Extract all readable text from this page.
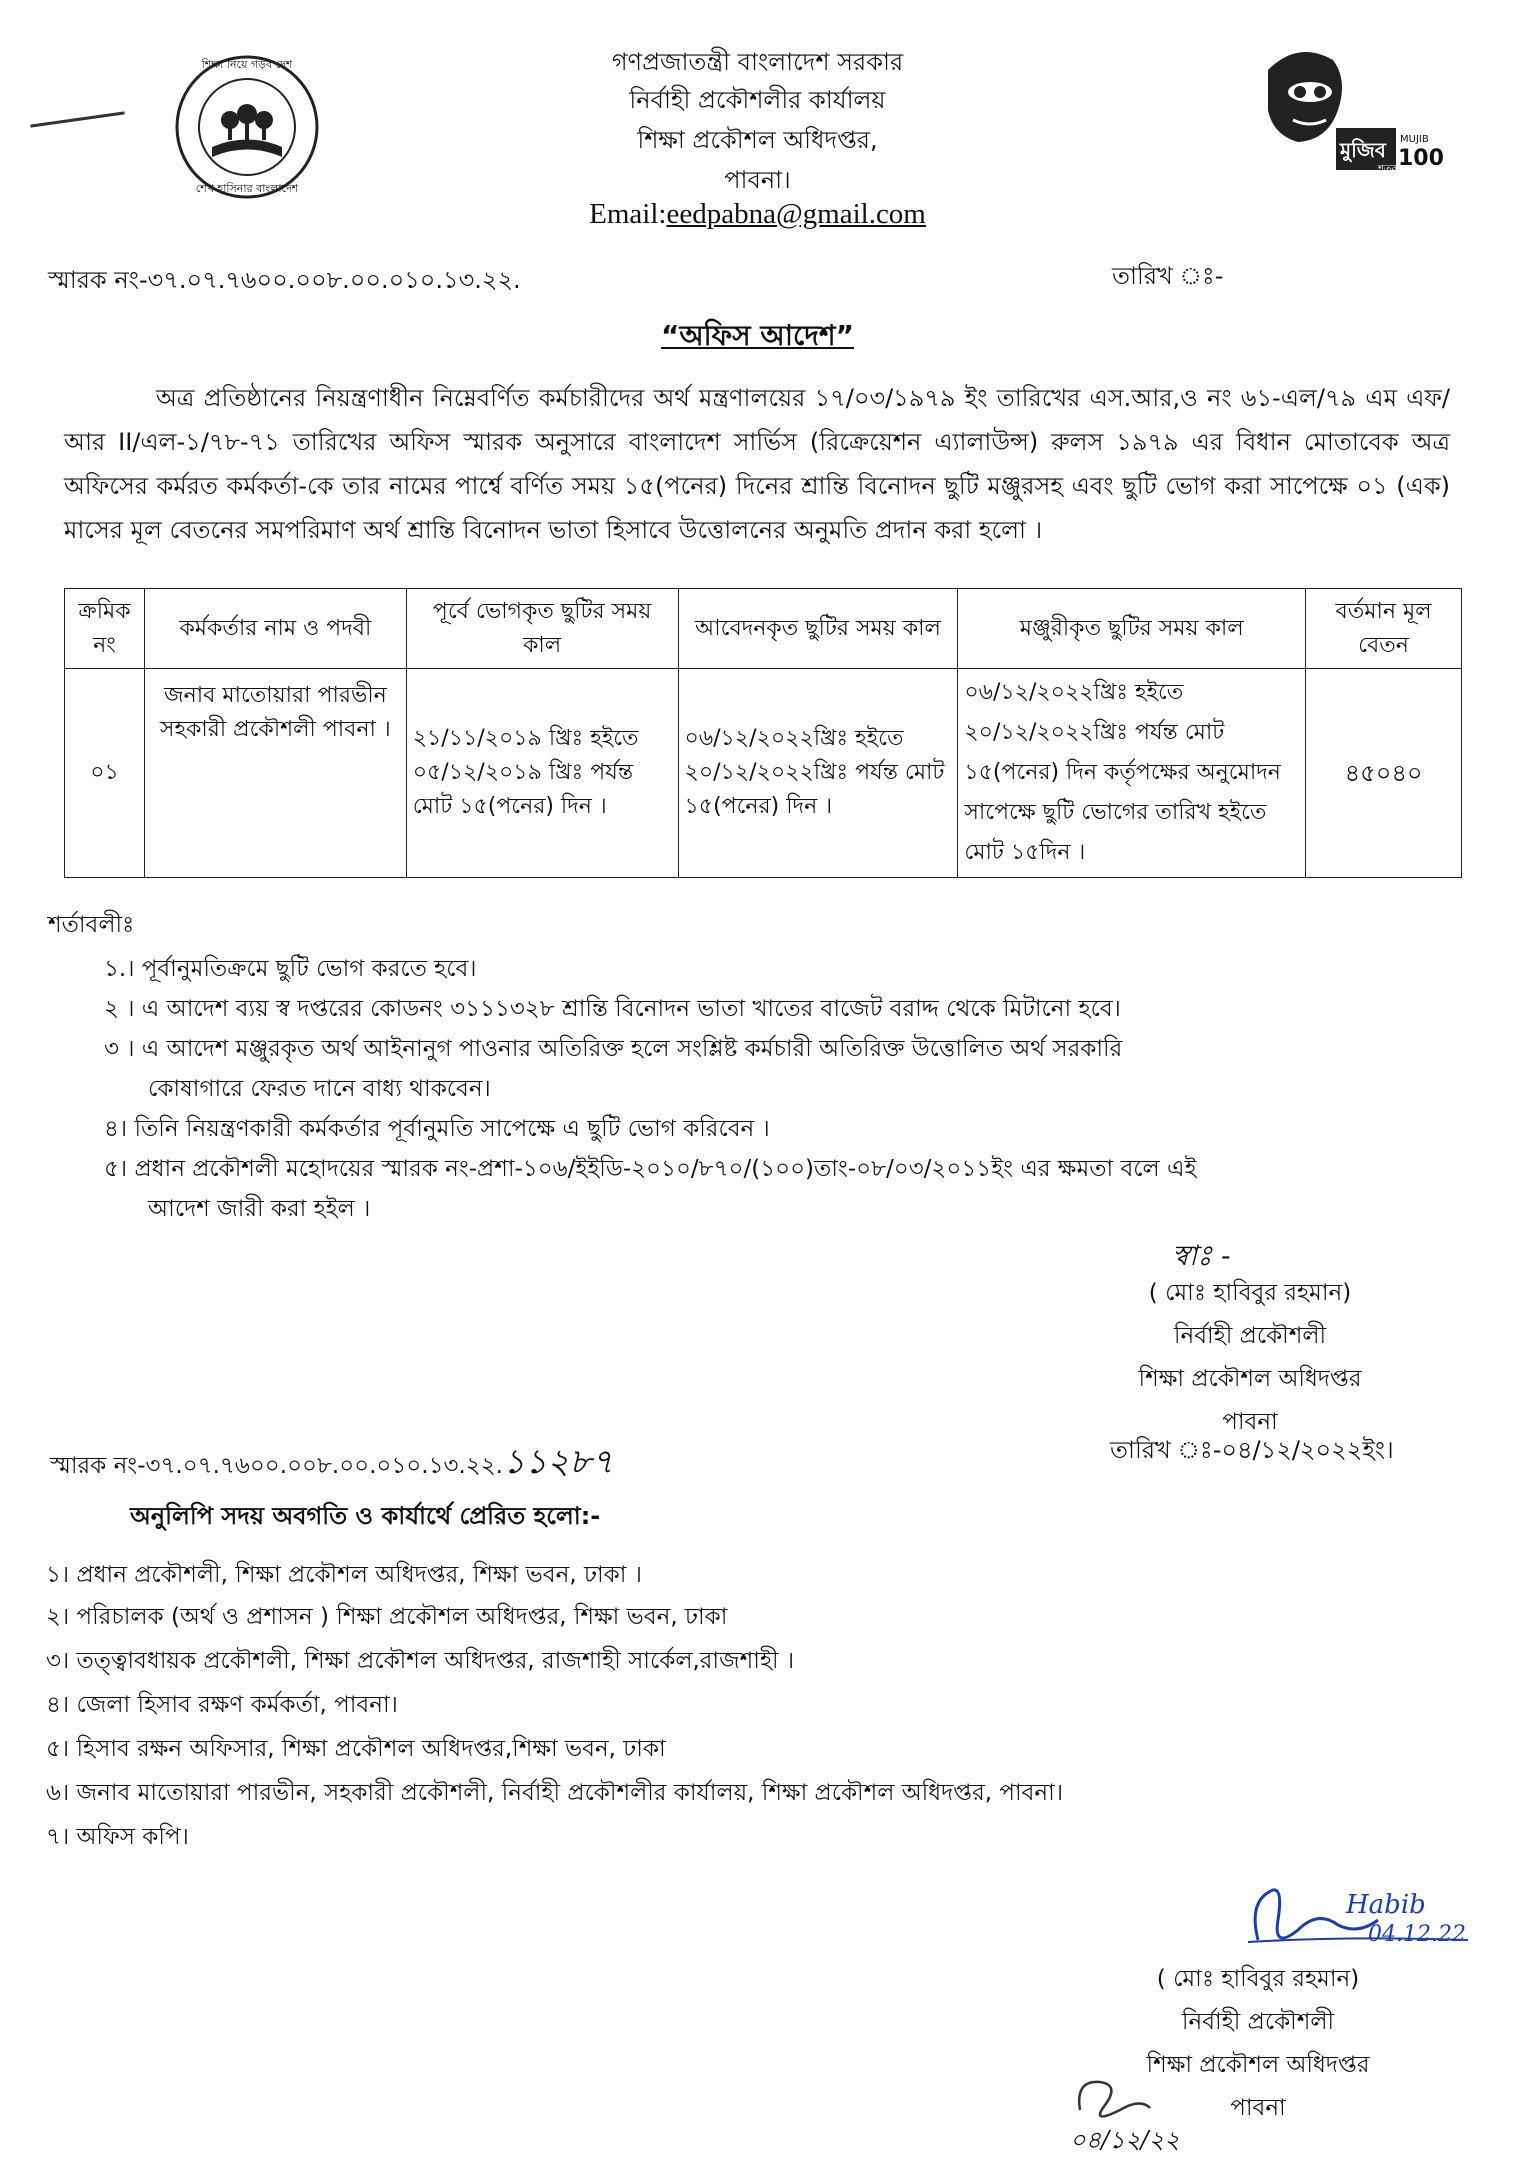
শিক্ষা নিয়ে গড়ব দেশ
শেখ হাসিনার বাংলাদেশ
মুজিব MUJIB
শতবর্ষ
100
গণপ্রজাতন্ত্রী বাংলাদেশ সরকার
নির্বাহী প্রকৌশলীর কার্যালয়
শিক্ষা প্রকৌশল অধিদপ্তর,
পাবনা।
Email:eedpabna@gmail.com
স্মারক নং-৩৭.০৭.৭৬০০.০০৮.০০.০১০.১৩.২২.	তারিখ ঃ-
“অফিস আদেশ”
অত্র প্রতিষ্ঠানের নিয়ন্ত্রণাধীন নিম্নেবর্ণিত কর্মচারীদের অর্থ মন্ত্রণালয়ের ১৭/০৩/১৯৭৯ ইং তারিখের এস.আর,ও নং ৬১-এল/৭৯ এম এফ/আর II/এল-১/৭৮-৭১ তারিখের অফিস স্মারক অনুসারে বাংলাদেশ সার্ভিস (রিক্রেয়েশন এ্যালাউন্স) রুলস ১৯৭৯ এর বিধান মোতাবেক অত্র অফিসের কর্মরত কর্মকর্তা-কে তার নামের পার্শ্বে বর্ণিত সময় ১৫(পনের) দিনের শ্রান্তি বিনোদন ছুটি মঞ্জুরসহ এবং ছুটি ভোগ করা সাপেক্ষে ০১ (এক) মাসের মূল বেতনের সমপরিমাণ অর্থ শ্রান্তি বিনোদন ভাতা হিসাবে উত্তোলনের অনুমতি প্রদান করা হলো ।
ক্রমিক নং	কর্মকর্তার নাম ও পদবী	পূর্বে ভোগকৃত ছুটির সময় কাল	আবেদনকৃত ছুটির সময় কাল	মঞ্জুরীকৃত ছুটির সময় কাল	বর্তমান মূল বেতন
০১	জনাব মাতোয়ারা পারভীন সহকারী প্রকৌশলী পাবনা ।	২১/১১/২০১৯ খ্রিঃ হইতে ০৫/১২/২০১৯ খ্রিঃ পর্যন্ত মোট ১৫(পনের) দিন ।	০৬/১২/২০২২খ্রিঃ হইতে ২০/১২/২০২২খ্রিঃ পর্যন্ত মোট ১৫(পনের) দিন ।	০৬/১২/২০২২খ্রিঃ হইতে ২০/১২/২০২২খ্রিঃ পর্যন্ত মোট ১৫(পনের) দিন কর্তৃপক্ষের অনুমোদন সাপেক্ষে ছুটি ভোগের তারিখ হইতে মোট ১৫দিন ।	৪৫০৪০
শর্তাবলীঃ
১.। পূর্বানুমতিক্রমে ছুটি ভোগ করতে হবে।
২ । এ আদেশ ব্যয় স্ব দপ্তরের কোডনং ৩১১১৩২৮ শ্রান্তি বিনোদন ভাতা খাতের বাজেট বরাদ্দ থেকে মিটানো হবে।
৩ । এ আদেশ মঞ্জুরকৃত অর্থ আইনানুগ পাওনার অতিরিক্ত হলে সংশ্লিষ্ট কর্মচারী অতিরিক্ত উত্তোলিত অর্থ সরকারি
কোষাগারে ফেরত দানে বাধ্য থাকবেন।
৪। তিনি নিয়ন্ত্রণকারী কর্মকর্তার পূর্বানুমতি সাপেক্ষে এ ছুটি ভোগ করিবেন ।
৫। প্রধান প্রকৌশলী মহোদয়ের স্মারক নং-প্রশা-১০৬/ইইডি-২০১০/৮৭০/(১০০)তাং-০৮/০৩/২০১১ইং এর ক্ষমতা বলে এই
আদেশ জারী করা হইল ।
স্বাঃ -
( মোঃ হাবিবুর রহমান)
নির্বাহী প্রকৌশলী
শিক্ষা প্রকৌশল অধিদপ্তর
পাবনা
স্মারক নং-৩৭.০৭.৭৬০০.০০৮.০০.০১০.১৩.২২.১১২৮৭	তারিখ ঃ-০৪/১২/২০২২ইং।
অনুলিপি সদয় অবগতি ও কার্যার্থে প্রেরিত হলো:-
১। প্রধান প্রকৌশলী, শিক্ষা প্রকৌশল অধিদপ্তর, শিক্ষা ভবন, ঢাকা ।
২। পরিচালক (অর্থ ও প্রশাসন ) শিক্ষা প্রকৌশল অধিদপ্তর, শিক্ষা ভবন, ঢাকা
৩। তত্ত্বাবধায়ক প্রকৌশলী, শিক্ষা প্রকৌশল অধিদপ্তর, রাজশাহী সার্কেল,রাজশাহী ।
৪। জেলা হিসাব রক্ষণ কর্মকর্তা, পাবনা।
৫। হিসাব রক্ষন অফিসার, শিক্ষা প্রকৌশল অধিদপ্তর,শিক্ষা ভবন, ঢাকা
৬। জনাব মাতোয়ারা পারভীন, সহকারী প্রকৌশলী, নির্বাহী প্রকৌশলীর কার্যালয়, শিক্ষা প্রকৌশল অধিদপ্তর, পাবনা।
৭। অফিস কপি।
Habib
04.12.22
( মোঃ হাবিবুর রহমান)
নির্বাহী প্রকৌশলী
শিক্ষা প্রকৌশল অধিদপ্তর
পাবনা
০৪/১২/২২
